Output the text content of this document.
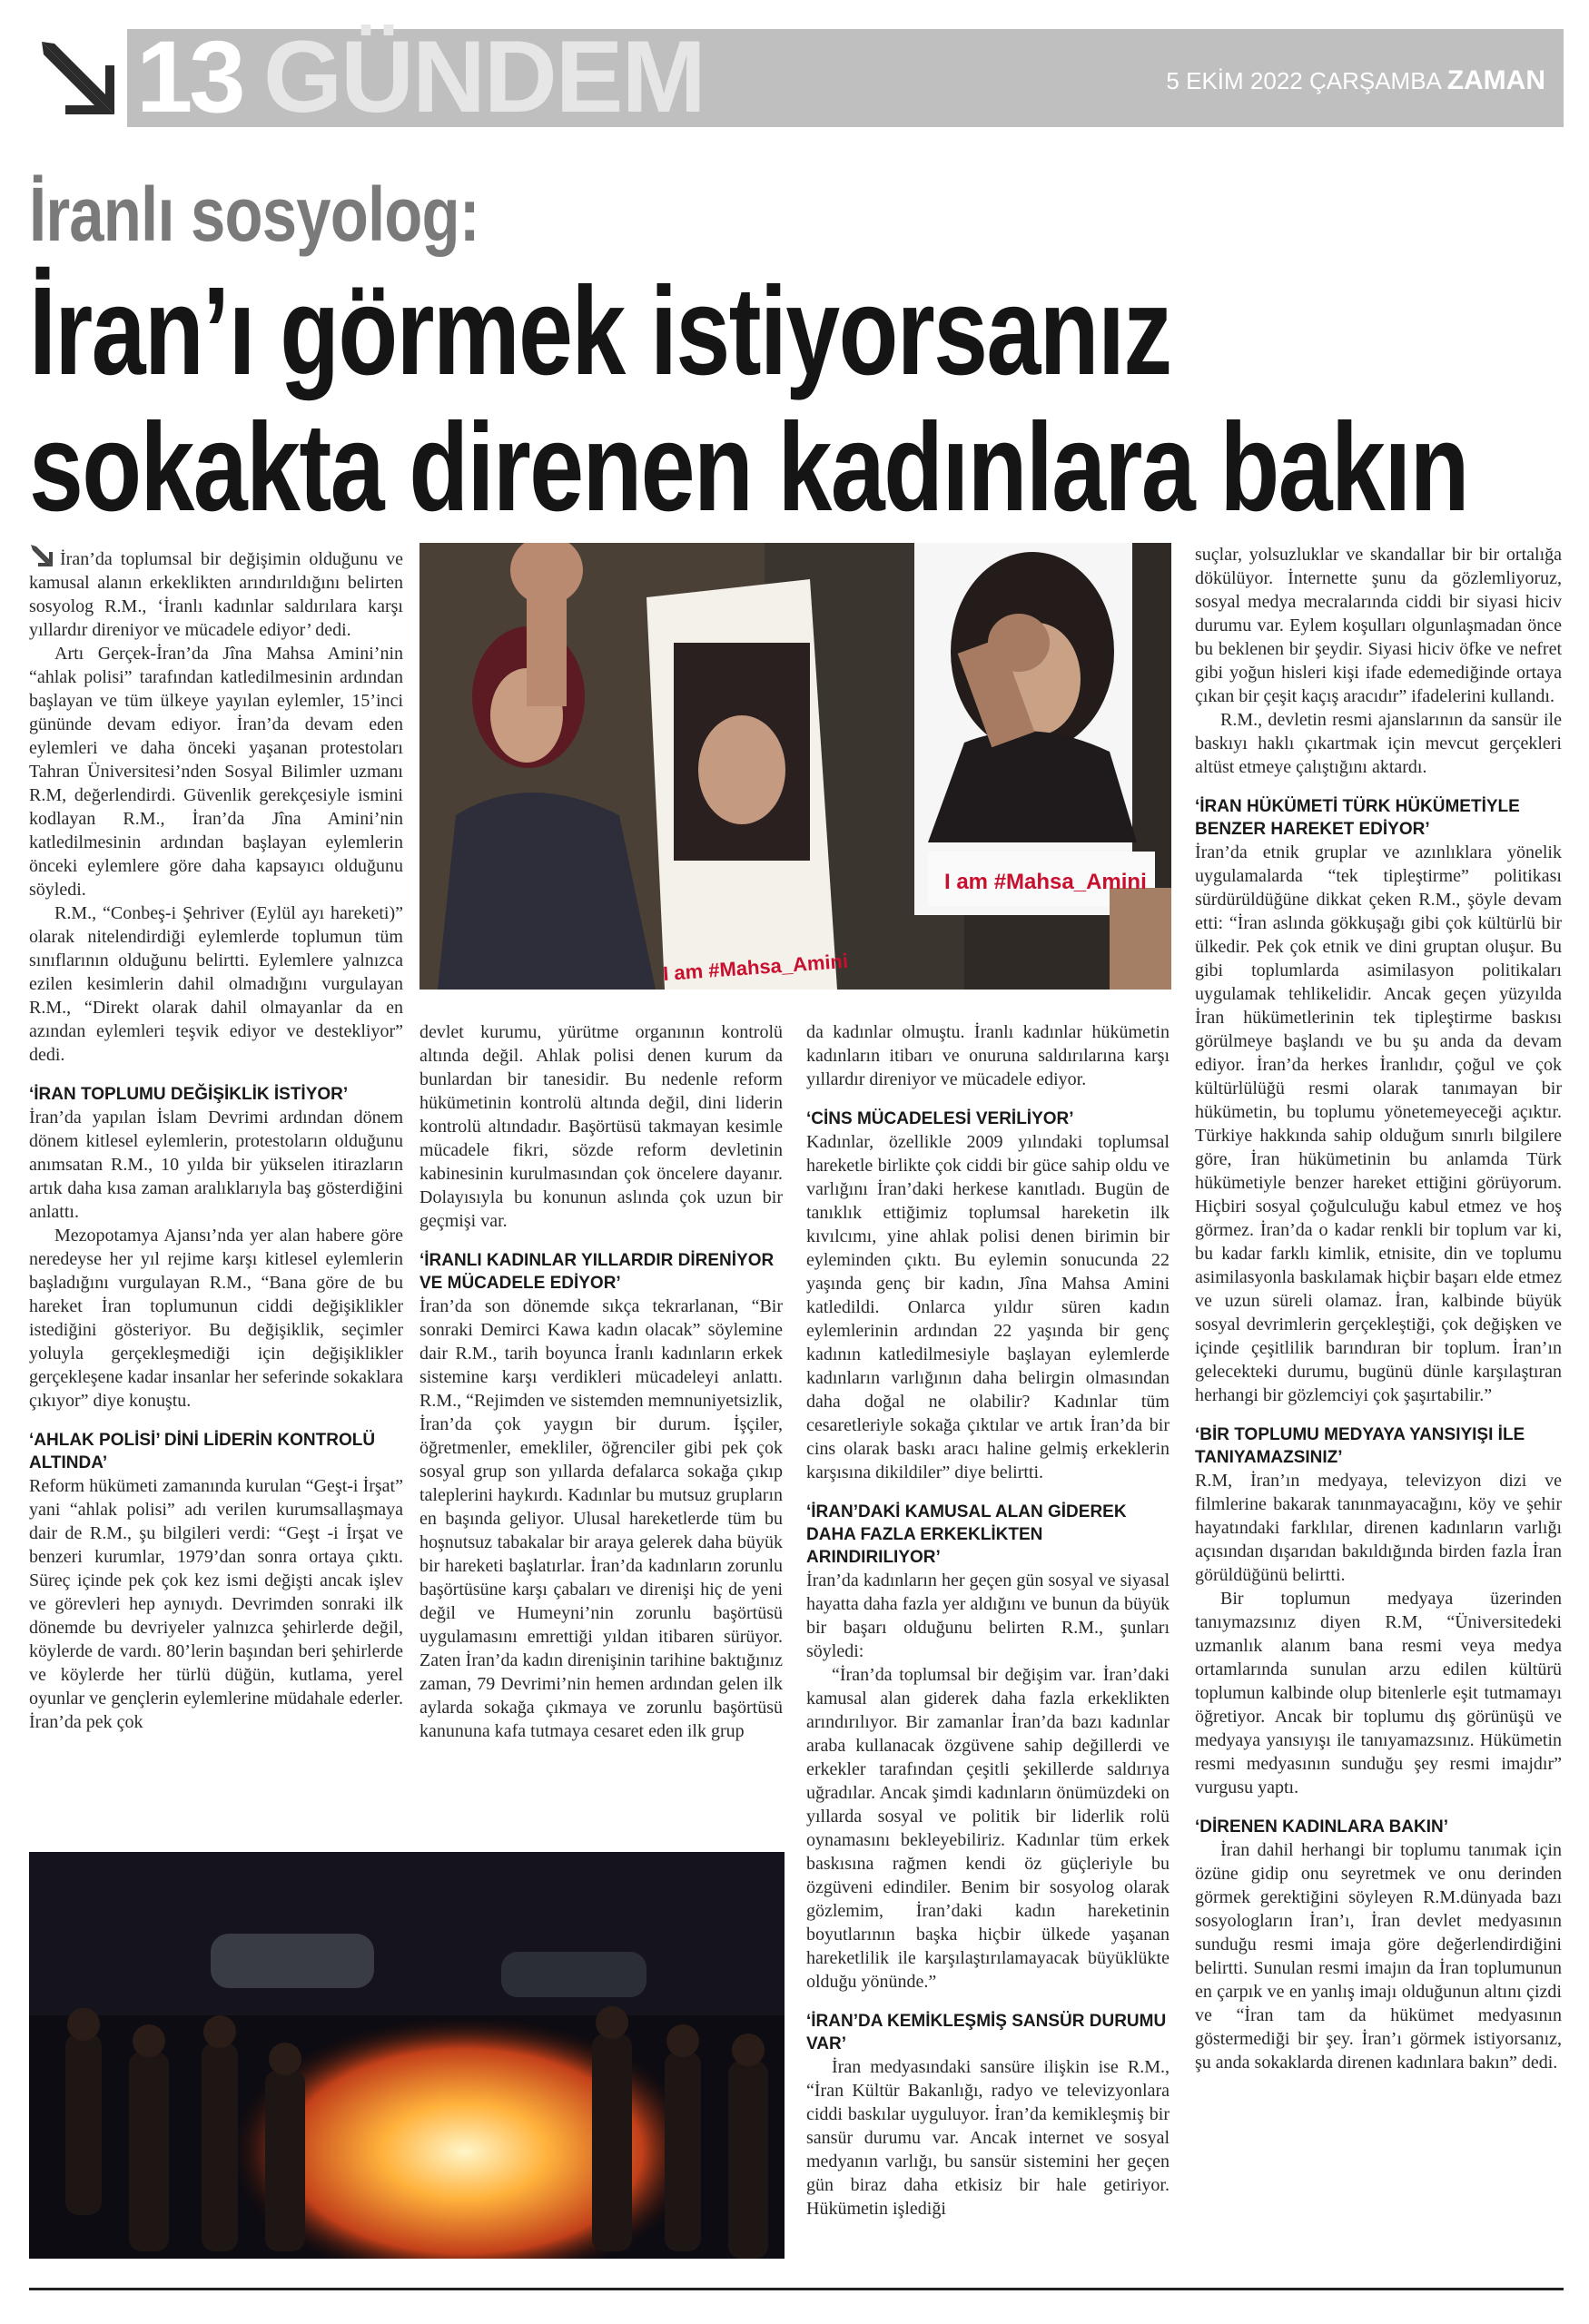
13 GÜNDEM	5 EKİM 2022 ÇARŞAMBA ZAMAN
İranlı sosyolog:
İran’ı görmek istiyorsanız
sokakta direnen kadınlara bakın
I am #Mahsa_Amini
I am #Mahsa_Amini

İran’da toplumsal bir değişimin olduğunu ve kamusal alanın erkeklikten arındırıldığını belirten sosyolog R.M., ‘İranlı kadınlar saldırılara karşı yıllardır direniyor ve mücadele ediyor’ dedi.

Artı Gerçek-İran’da Jîna Mahsa Amini’nin “ahlak polisi” tarafından katledilmesinin ardından başlayan ve tüm ülkeye yayılan eylemler, 15’inci gününde devam ediyor. İran’da devam eden eylemleri ve daha önceki yaşanan protestoları Tahran Üniversitesi’nden Sosyal Bilimler uzmanı R.M, değerlendirdi. Güvenlik gerekçesiyle ismini kodlayan R.M., İran’da Jîna Amini’nin katledilmesinin ardından başlayan eylemlerin önceki eylemlere göre daha kapsayıcı olduğunu söyledi.

R.M., “Conbeş-i Şehriver (Eylül ayı hareketi)” olarak nitelendirdiği eylemlerde toplumun tüm sınıflarının olduğunu belirtti. Eylemlere yalnızca ezilen kesimlerin dahil olmadığını vurgulayan R.M., “Direkt olarak dahil olmayanlar da en azından eylemleri teşvik ediyor ve destekliyor” dedi.

‘İRAN TOPLUMU DEĞİŞİKLİK İSTİYOR’

İran’da yapılan İslam Devrimi ardından dönem dönem kitlesel eylemlerin, protestoların olduğunu anımsatan R.M., 10 yılda bir yükselen itirazların artık daha kısa zaman aralıklarıyla baş gösterdiğini anlattı.

Mezopotamya Ajansı’nda yer alan habere göre neredeyse her yıl rejime karşı kitlesel eylemlerin başladığını vurgulayan R.M., “Bana göre de bu hareket İran toplumunun ciddi değişiklikler istediğini gösteriyor. Bu değişiklik, seçimler yoluyla gerçekleşmediği için değişiklikler gerçekleşene kadar insanlar her seferinde sokaklara çıkıyor” diye konuştu.

‘AHLAK POLİSİ’ DİNİ LİDERİN KONTROLÜ ALTINDA’

Reform hükümeti zamanında kurulan “Geşt-i İrşat” yani “ahlak polisi” adı verilen kurumsallaşmaya dair de R.M., şu bilgileri verdi: “Geşt -i İrşat ve benzeri kurumlar, 1979’dan sonra ortaya çıktı. Süreç içinde pek çok kez ismi değişti ancak işlev ve görevleri hep aynıydı. Devrimden sonraki ilk dönemde bu devriyeler yalnızca şehirlerde değil, köylerde de vardı. 80’lerin başından beri şehirlerde ve köylerde her türlü düğün, kutlama, yerel oyunlar ve gençlerin eylemlerine müdahale ederler. İran’da pek çok

devlet kurumu, yürütme organının kontrolü altında değil. Ahlak polisi denen kurum da bunlardan bir tanesidir. Bu nedenle reform hükümetinin kontrolü altında değil, dini liderin kontrolü altındadır. Başörtüsü takmayan kesimle mücadele fikri, sözde reform devletinin kabinesinin kurulmasından çok öncelere dayanır. Dolayısıyla bu konunun aslında çok uzun bir geçmişi var.

‘İRANLI KADINLAR YILLARDIR DİRENİYOR VE MÜCADELE EDİYOR’

İran’da son dönemde sıkça tekrarlanan, “Bir sonraki Demirci Kawa kadın olacak” söylemine dair R.M., tarih boyunca İranlı kadınların erkek sistemine karşı verdikleri mücadeleyi anlattı. R.M., “Rejimden ve sistemden memnuniyetsizlik, İran’da çok yaygın bir durum. İşçiler, öğretmenler, emekliler, öğrenciler gibi pek çok sosyal grup son yıllarda defalarca sokağa çıkıp taleplerini haykırdı. Kadınlar bu mutsuz grupların en başında geliyor. Ulusal hareketlerde tüm bu hoşnutsuz tabakalar bir araya gelerek daha büyük bir hareketi başlatırlar. İran’da kadınların zorunlu başörtüsüne karşı çabaları ve direnişi hiç de yeni değil ve Humeyni’nin zorunlu başörtüsü uygulamasını emrettiği yıldan itibaren sürüyor. Zaten İran’da kadın direnişinin tarihine baktığınız zaman, 79 Devrimi’nin hemen ardından gelen ilk aylarda sokağa çıkmaya ve zorunlu başörtüsü kanununa kafa tutmaya cesaret eden ilk grup

da kadınlar olmuştu. İranlı kadınlar hükümetin kadınların itibarı ve onuruna saldırılarına karşı yıllardır direniyor ve mücadele ediyor.

‘CİNS MÜCADELESİ VERİLİYOR’

Kadınlar, özellikle 2009 yılındaki toplumsal hareketle birlikte çok ciddi bir güce sahip oldu ve varlığını İran’daki herkese kanıtladı. Bugün de tanıklık ettiğimiz toplumsal hareketin ilk kıvılcımı, yine ahlak polisi denen birimin bir eyleminden çıktı. Bu eylemin sonucunda 22 yaşında genç bir kadın, Jîna Mahsa Amini katledildi. Onlarca yıldır süren kadın eylemlerinin ardından 22 yaşında bir genç kadının katledilmesiyle başlayan eylemlerde kadınların varlığının daha belirgin olmasından daha doğal ne olabilir? Kadınlar tüm cesaretleriyle sokağa çıktılar ve artık İran’da bir cins olarak baskı aracı haline gelmiş erkeklerin karşısına dikildiler” diye belirtti.

‘İRAN’DAKİ KAMUSAL ALAN GİDEREK DAHA FAZLA ERKEKLİKTEN ARINDIRILIYOR’

İran’da kadınların her geçen gün sosyal ve siyasal hayatta daha fazla yer aldığını ve bunun da büyük bir başarı olduğunu belirten R.M., şunları söyledi:

“İran’da toplumsal bir değişim var. İran’daki kamusal alan giderek daha fazla erkeklikten arındırılıyor. Bir zamanlar İran’da bazı kadınlar araba kullanacak özgüvene sahip değillerdi ve erkekler tarafından çeşitli şekillerde saldırıya uğradılar. Ancak şimdi kadınların önümüzdeki on yıllarda sosyal ve politik bir liderlik rolü oynamasını bekleyebiliriz. Kadınlar tüm erkek baskısına rağmen kendi öz güçleriyle bu özgüveni edindiler. Benim bir sosyolog olarak gözlemim, İran’daki kadın hareketinin boyutlarının başka hiçbir ülkede yaşanan hareketlilik ile karşılaştırılamayacak büyüklükte olduğu yönünde.”

‘İRAN’DA KEMİKLEŞMİŞ SANSÜR DURUMU VAR’

İran medyasındaki sansüre ilişkin ise R.M., “İran Kültür Bakanlığı, radyo ve televizyonlara ciddi baskılar uyguluyor. İran’da kemikleşmiş bir sansür durumu var. Ancak internet ve sosyal medyanın varlığı, bu sansür sistemini her geçen gün biraz daha etkisiz bir hale getiriyor. Hükümetin işlediği

suçlar, yolsuzluklar ve skandallar bir bir ortalığa dökülüyor. İnternette şunu da gözlemliyoruz, sosyal medya mecralarında ciddi bir siyasi hiciv durumu var. Eylem koşulları olgunlaşmadan önce bu beklenen bir şeydir. Siyasi hiciv öfke ve nefret gibi yoğun hisleri kişi ifade edemediğinde ortaya çıkan bir çeşit kaçış aracıdır” ifadelerini kullandı.

R.M., devletin resmi ajanslarının da sansür ile baskıyı haklı çıkartmak için mevcut gerçekleri altüst etmeye çalıştığını aktardı.

‘İRAN HÜKÜMETİ TÜRK HÜKÜMETİYLE BENZER HAREKET EDİYOR’

İran’da etnik gruplar ve azınlıklara yönelik uygulamalarda “tek tipleştirme” politikası sürdürüldüğüne dikkat çeken R.M., şöyle devam etti: “İran aslında gökkuşağı gibi çok kültürlü bir ülkedir. Pek çok etnik ve dini gruptan oluşur. Bu gibi toplumlarda asimilasyon politikaları uygulamak tehlikelidir. Ancak geçen yüzyılda İran hükümetlerinin tek tipleştirme baskısı görülmeye başlandı ve bu şu anda da devam ediyor. İran’da herkes İranlıdır, çoğul ve çok kültürlülüğü resmi olarak tanımayan bir hükümetin, bu toplumu yönetemeyeceği açıktır. Türkiye hakkında sahip olduğum sınırlı bilgilere göre, İran hükümetinin bu anlamda Türk hükümetiyle benzer hareket ettiğini görüyorum. Hiçbiri sosyal çoğulculuğu kabul etmez ve hoş görmez. İran’da o kadar renkli bir toplum var ki, bu kadar farklı kimlik, etnisite, din ve toplumu asimilasyonla baskılamak hiçbir başarı elde etmez ve uzun süreli olamaz. İran, kalbinde büyük sosyal devrimlerin gerçekleştiği, çok değişken ve içinde çeşitlilik barındıran bir toplum. İran’ın gelecekteki durumu, bugünü dünle karşılaştıran herhangi bir gözlemciyi çok şaşırtabilir.”

‘BİR TOPLUMU MEDYAYA YANSIYIŞI İLE TANIYAMAZSINIZ’

R.M, İran’ın medyaya, televizyon dizi ve filmlerine bakarak tanınmayacağını, köy ve şehir hayatındaki farklılar, direnen kadınların varlığı açısından dışarıdan bakıldığında birden fazla İran görüldüğünü belirtti.

Bir toplumun medyaya üzerinden tanıymazsınız diyen R.M, “Üniversitedeki uzmanlık alanım bana resmi veya medya ortamlarında sunulan arzu edilen kültürü toplumun kalbinde olup bitenlerle eşit tutmamayı öğretiyor. Ancak bir toplumu dış görünüşü ve medyaya yansıyışı ile tanıyamazsınız. Hükümetin resmi medyasının sunduğu şey resmi imajdır” vurgusu yaptı.

‘DİRENEN KADINLARA BAKIN’

İran dahil herhangi bir toplumu tanımak için özüne gidip onu seyretmek ve onu derinden görmek gerektiğini söyleyen R.M.dünyada bazı sosyologların İran’ı, İran devlet medyasının sunduğu resmi imaja göre değerlendirdiğini belirtti. Sunulan resmi imajın da İran toplumunun en çarpık ve en yanlış imajı olduğunun altını çizdi ve “İran tam da hükümet medyasının göstermediği bir şey. İran’ı görmek istiyorsanız, şu anda sokaklarda direnen kadınlara bakın” dedi.
